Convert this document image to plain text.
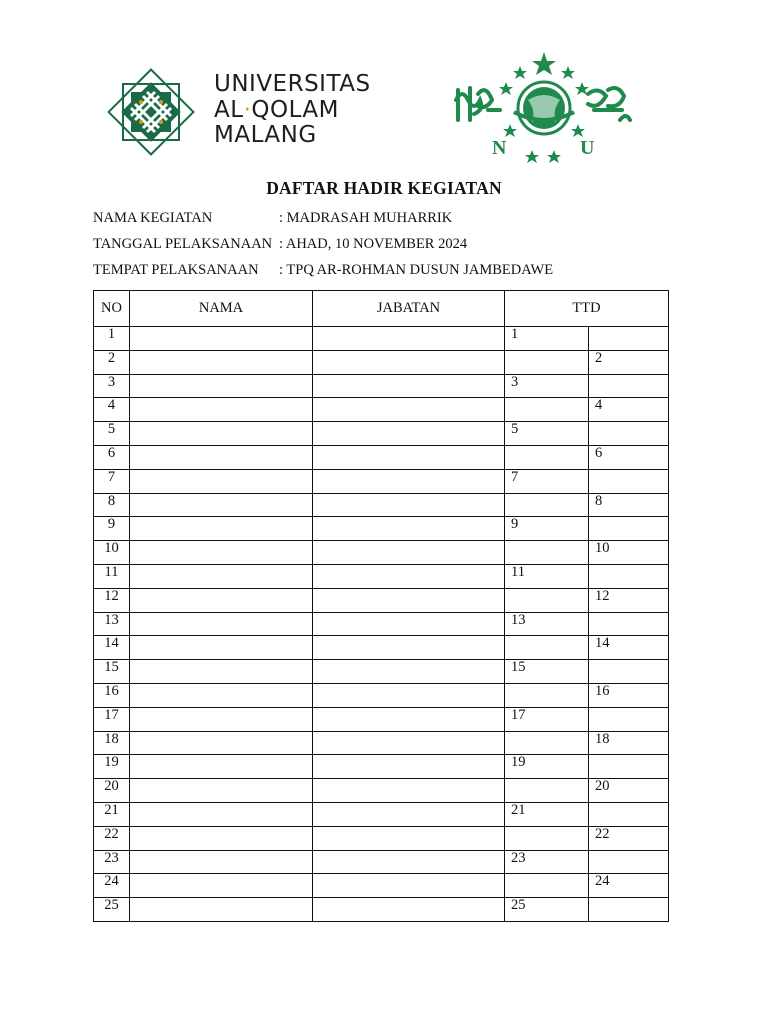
UNIVERSITAS
AL·QOLAM
MALANG	N	U
DAFTAR HADIR KEGIATAN
NAMA KEGIATAN	: MADRASAH MUHARRIK
TANGGAL PELAKSANAAN : AHAD, 10 NOVEMBER 2024
TEMPAT PELAKSANAAN : TPQ AR-ROHMAN DUSUN JAMBEDAWE
NO	NAMA	JABATAN	TTD	
1			1	
2				2
3			3	
4				4
5			5	
6				6
7			7	
8				8
9			9	
10				10
11			11	
12				12
13			13	
14				14
15			15	
16				16
17			17	
18				18
19			19	
20				20
21			21	
22				22
23			23	
24				24
25			25	
